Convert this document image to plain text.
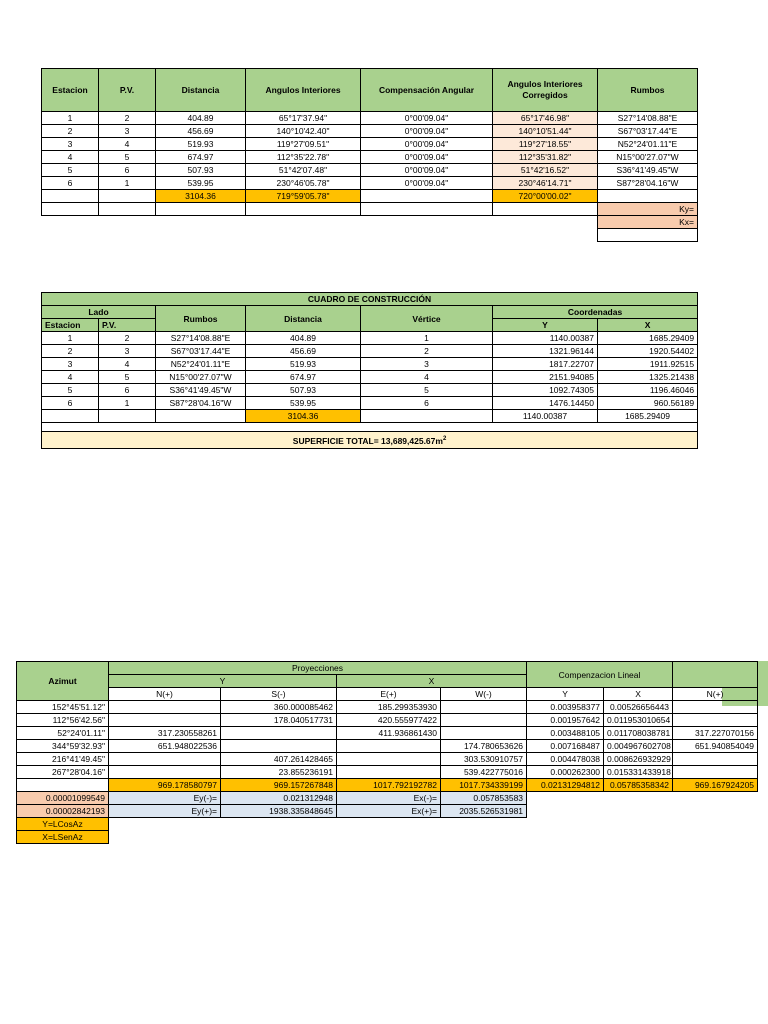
Estacion	P.V.	Distancia	Angulos Interiores	Compensación Angular	Angulos Interiores Corregidos	Rumbos
1	2	404.89	65°17'37.94"	0°00'09.04"	65°17'46.98"	S27°14'08.88"E
2	3	456.69	140°10'42.40"	0°00'09.04"	140°10'51.44"	S67°03'17.44"E
3	4	519.93	119°27'09.51"	0°00'09.04"	119°27'18.55"	N52°24'01.11"E
4	5	674.97	112°35'22.78"	0°00'09.04"	112°35'31.82"	N15°00'27.07"W
5	6	507.93	51°42'07.48"	0°00'09.04"	51°42'16.52"	S36°41'49.45"W
6	1	539.95	230°46'05.78"	0°00'09.04"	230°46'14.71"	S87°28'04.16"W
		3104.36	719°59'05.78"		720°00'00.02"	
						Ky=
						Kx=

CUADRO DE CONSTRUCCIÓN						
Lado		Rumbos	Distancia	Vértice	Coordenadas	
Estacion	P.V.				Y	X
1	2	S27°14'08.88"E	404.89	1	1140.00387	1685.29409
2	3	S67°03'17.44"E	456.69	2	1321.96144	1920.54402
3	4	N52°24'01.11"E	519.93	3	1817.22707	1911.92515
4	5	N15°00'27.07"W	674.97	4	2151.94085	1325.21438
5	6	S36°41'49.45"W	507.93	5	1092.74305	1196.46046
6	1	S87°28'04.16"W	539.95	6	1476.14450	960.56189
			3104.36		1140.00387	1685.29409

SUPERFICIE TOTAL= $13,689,425.67m^2$
Azimut	Proyecciones				Compenzacion Lineal		
	Y		X				
	N(+)	S(-)	E(+)	W(-)	Y	X	N(+)
152°45'51.12"		360.000085462	185.299353930		0.003958377	0.00526656443	
112°56'42.56"		178.040517731	420.555977422		0.001957642	0.011953010654	
52°24'01.11"	317.230558261		411.936861430		0.003488105	0.011708038781	317.227070156
344°59'32.93"	651.948022536			174.780653626	0.007168487	0.004967602708	651.940854049
216°41'49.45"		407.261428465		303.530910757	0.004478038	0.008626932929	
267°28'04.16"		23.855236191		539.422775016	0.000262300	0.015331433918	
	969.178580797	969.157267848	1017.792192782	1017.734339199	0.02131294812	0.05785358342	969.167924205
0.00001099549	Ey(-)=	0.021312948	Ex(-)=	0.057853583			
0.00002842193	Ey(+)=	1938.335848645	Ex(+)=	2035.526531981			
Y=LCosAz							
X=LSenAz							
